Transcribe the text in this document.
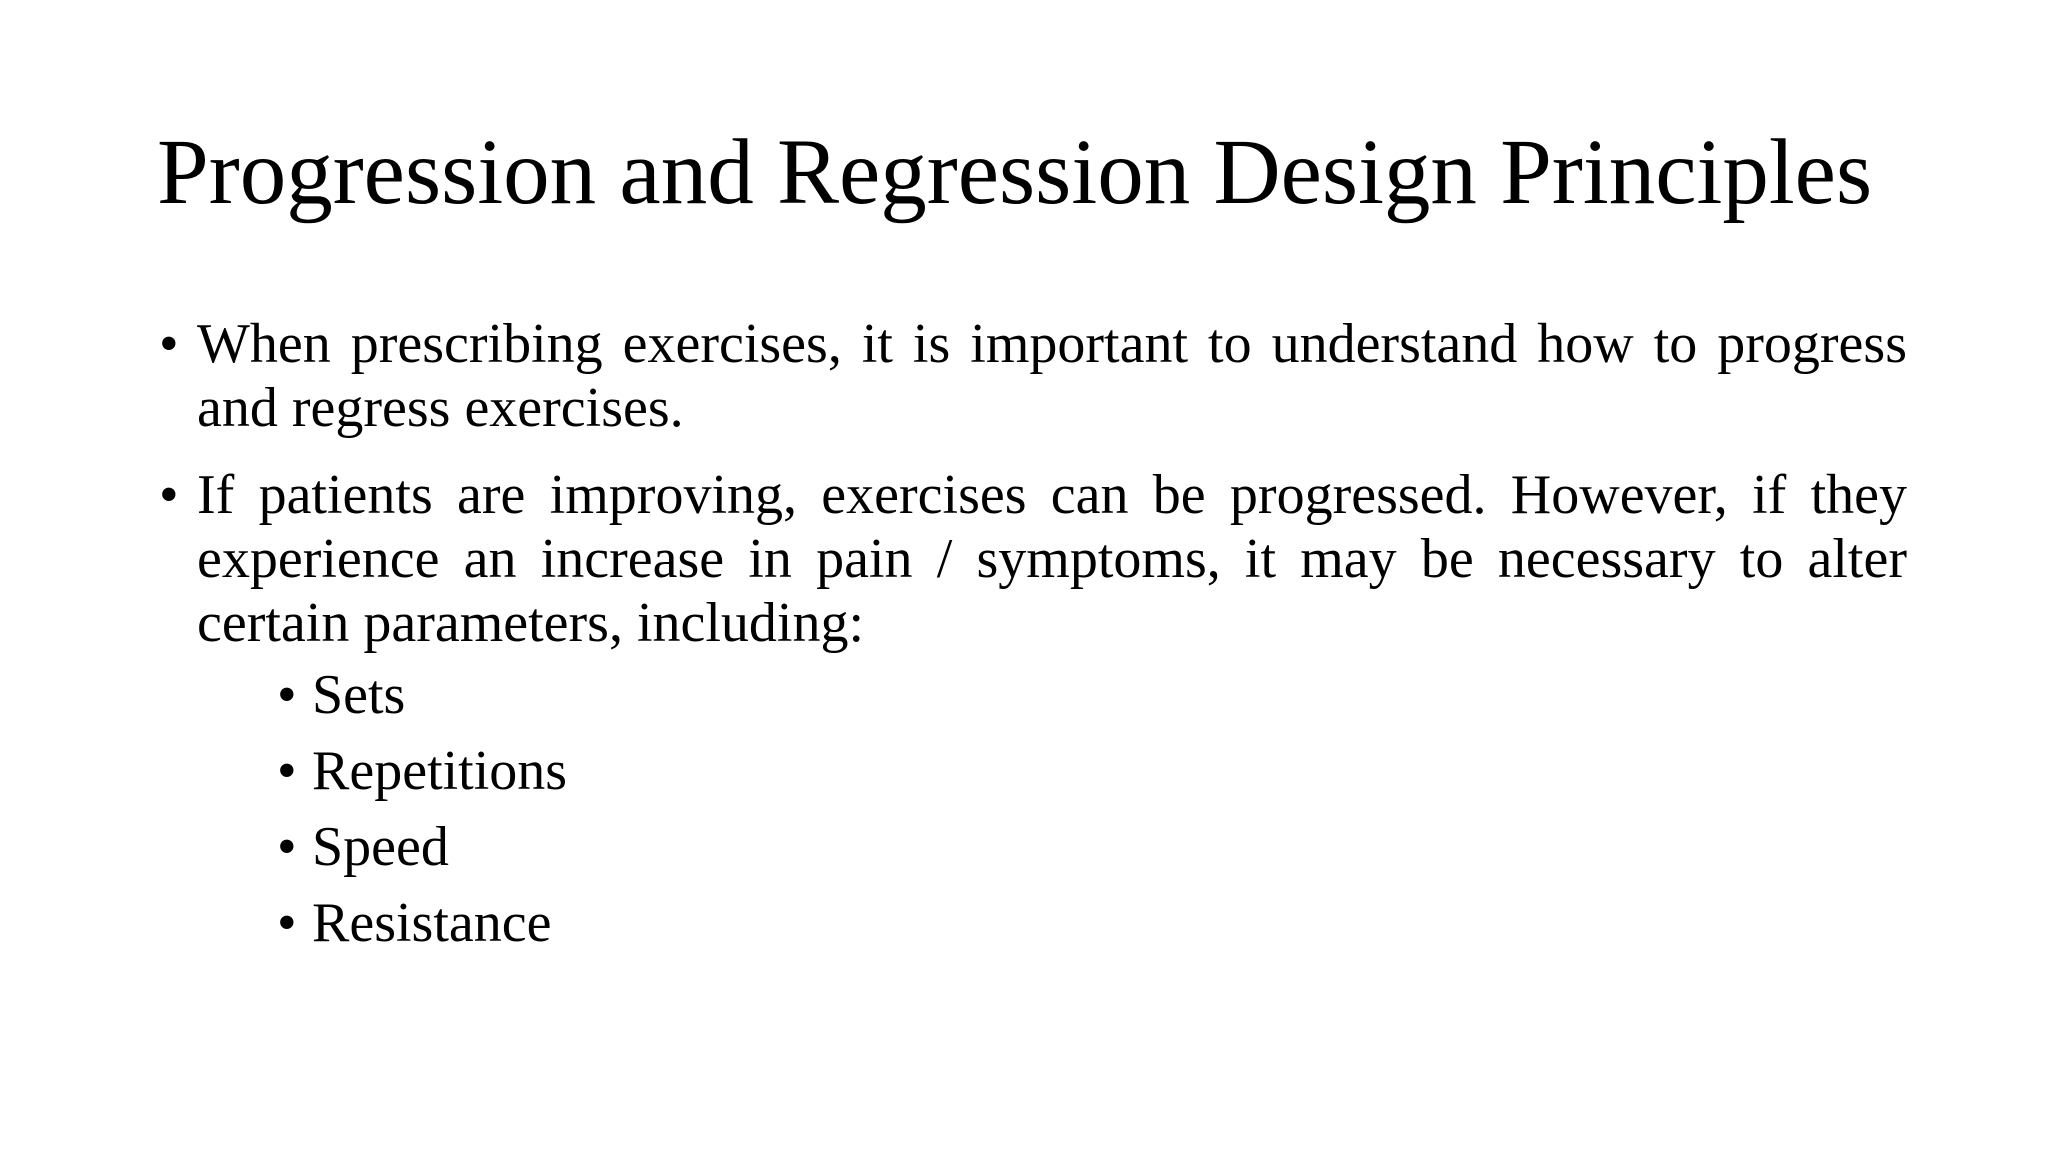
Progression and Regression Design Principles
• When prescribing exercises, it is important to understand how to progress and regress exercises.
• If patients are improving, exercises can be progressed. However, if they experience an increase in pain / symptoms, it may be necessary to alter certain parameters, including:
• Sets
• Repetitions
• Speed
• Resistance
